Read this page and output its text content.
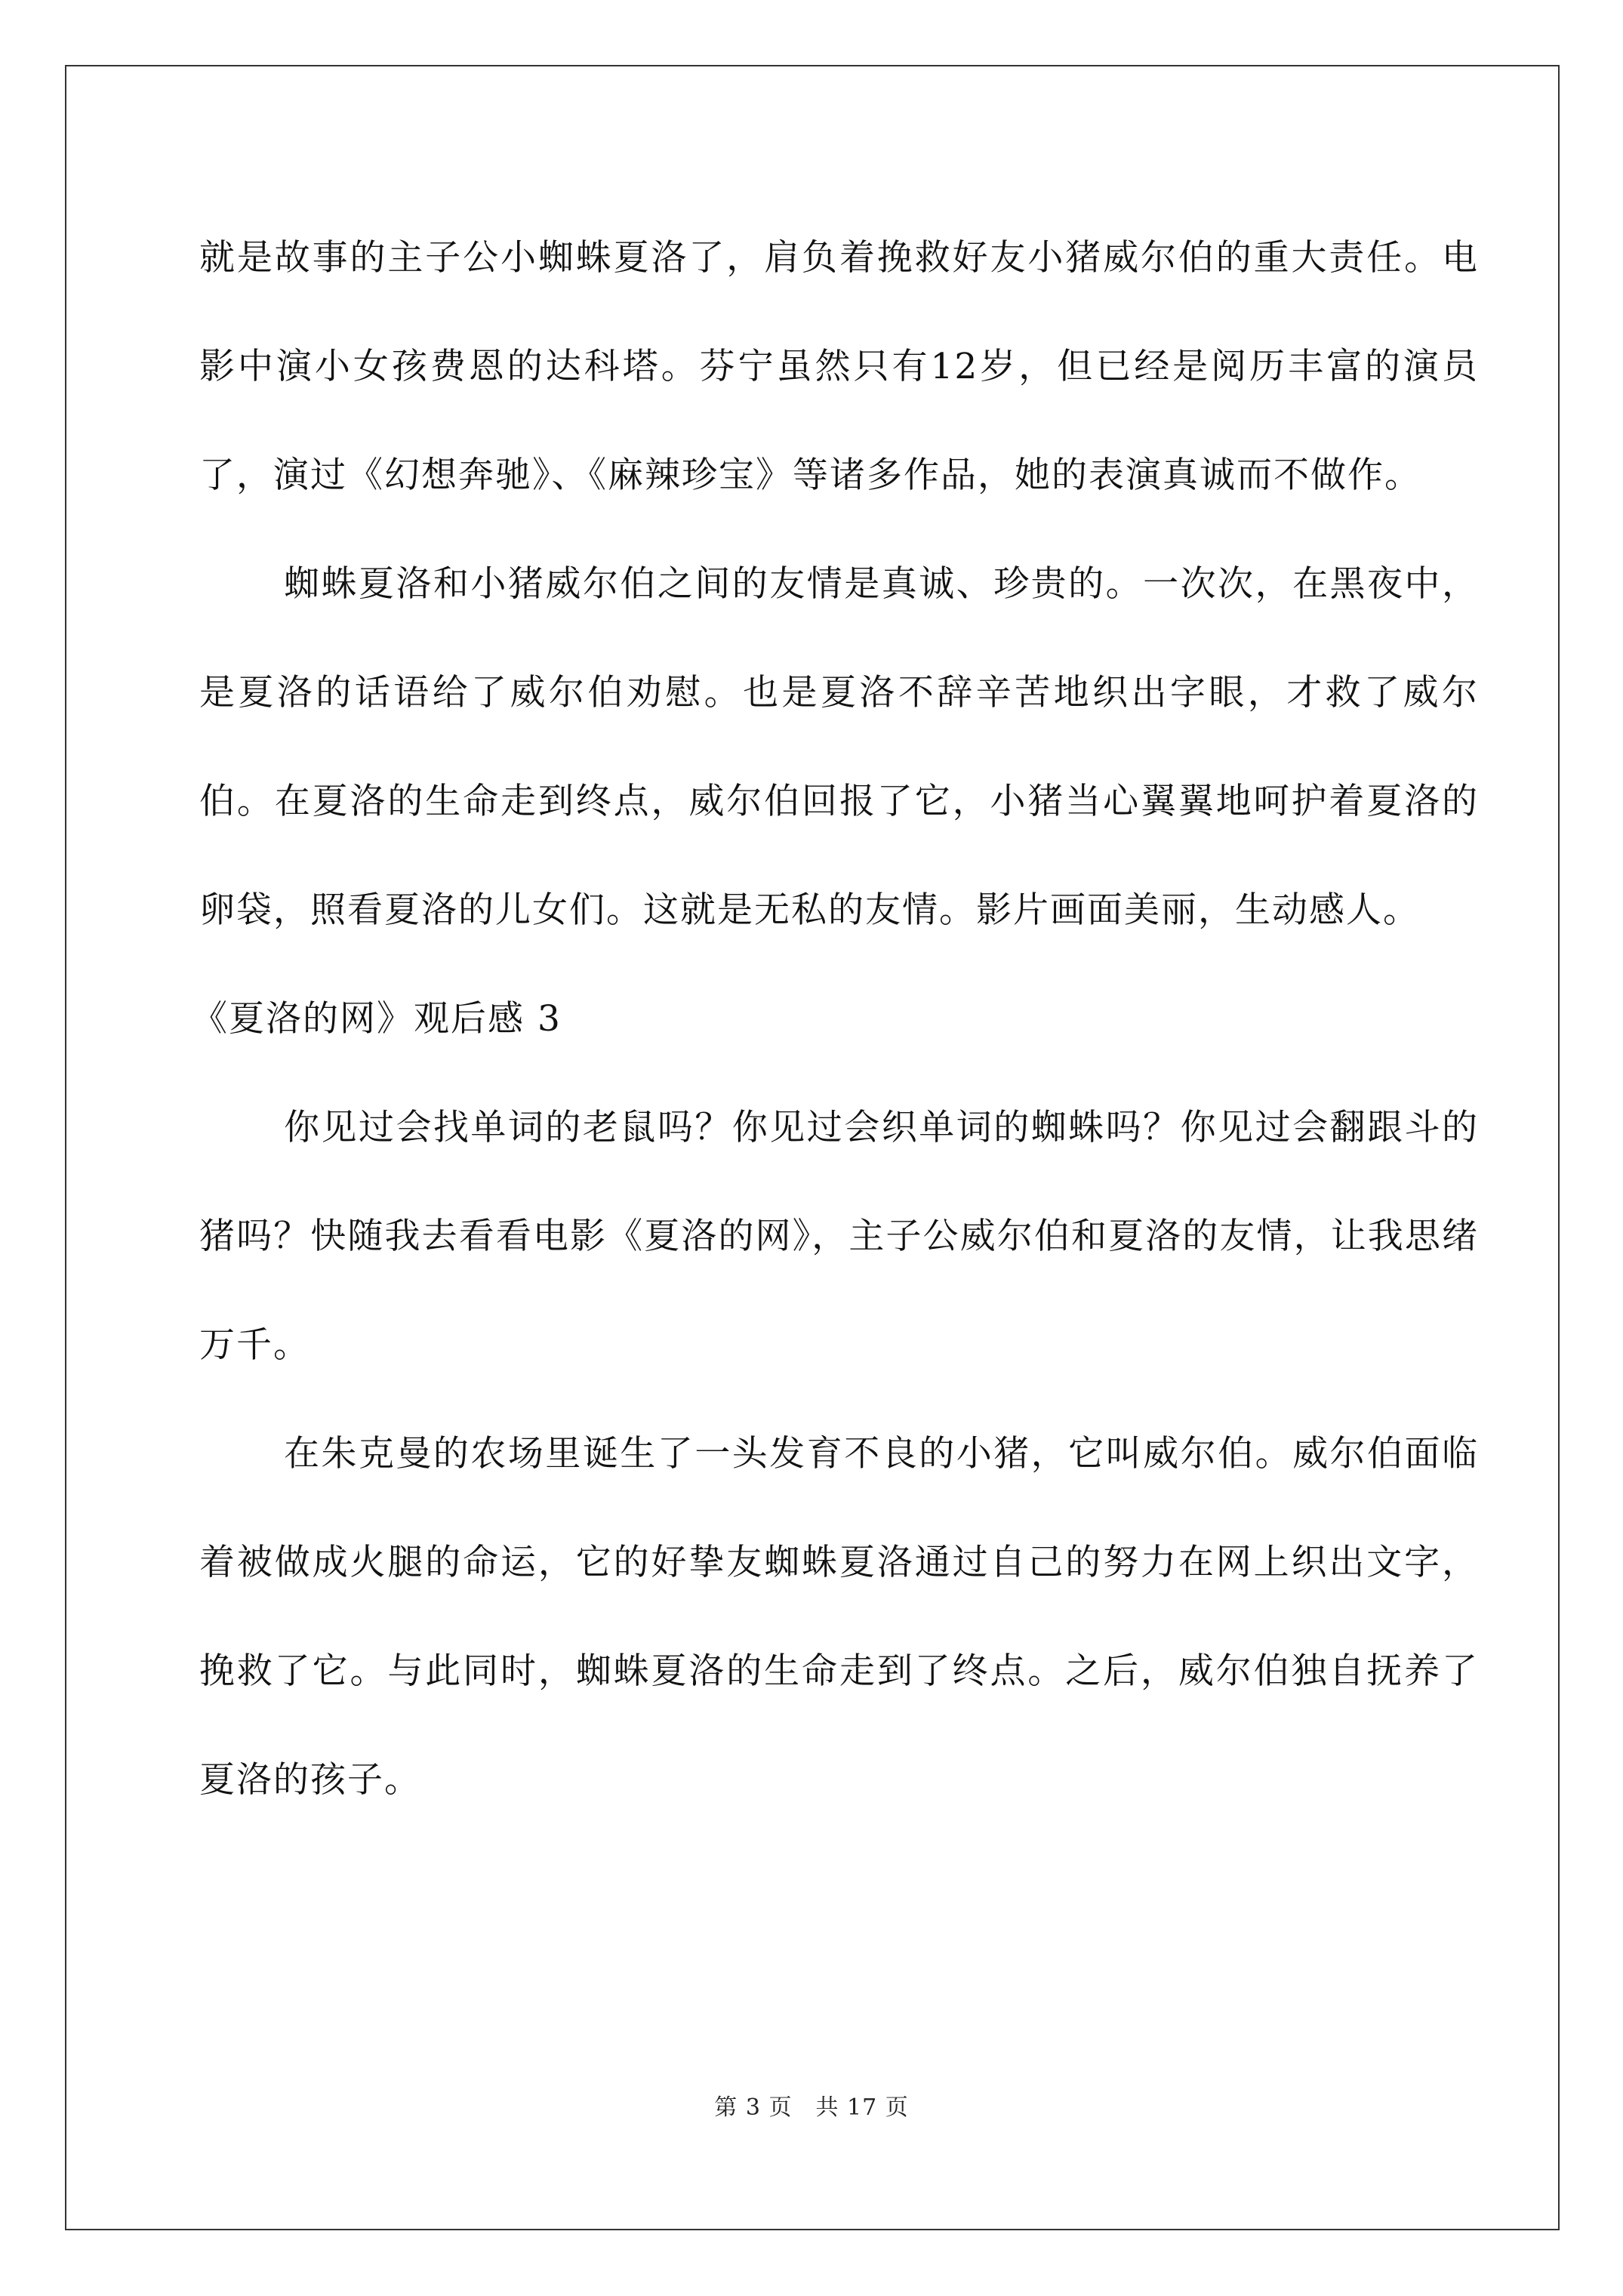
就是故事的主子公小蜘蛛夏洛了，肩负着挽救好友小猪威尔伯的重大责任。电影中演小女孩费恩的达科塔。芬宁虽然只有12岁，但已经是阅历丰富的演员了，演过《幻想奔驰》、《麻辣珍宝》等诸多作品，她的表演真诚而不做作。

蜘蛛夏洛和小猪威尔伯之间的友情是真诚、珍贵的。一次次，在黑夜中，是夏洛的话语给了威尔伯劝慰。也是夏洛不辞辛苦地织出字眼，才救了威尔伯。在夏洛的生命走到终点，威尔伯回报了它，小猪当心翼翼地呵护着夏洛的卵袋，照看夏洛的儿女们。这就是无私的友情。影片画面美丽，生动感人。

《夏洛的网》观后感 3

你见过会找单词的老鼠吗？你见过会织单词的蜘蛛吗？你见过会翻跟斗的猪吗？快随我去看看电影《夏洛的网》，主子公威尔伯和夏洛的友情，让我思绪万千。

在朱克曼的农场里诞生了一头发育不良的小猪，它叫威尔伯。威尔伯面临着被做成火腿的命运，它的好挚友蜘蛛夏洛通过自己的努力在网上织出文字，挽救了它。与此同时，蜘蛛夏洛的生命走到了终点。之后，威尔伯独自抚养了夏洛的孩子。

第 3 页　共 17 页
